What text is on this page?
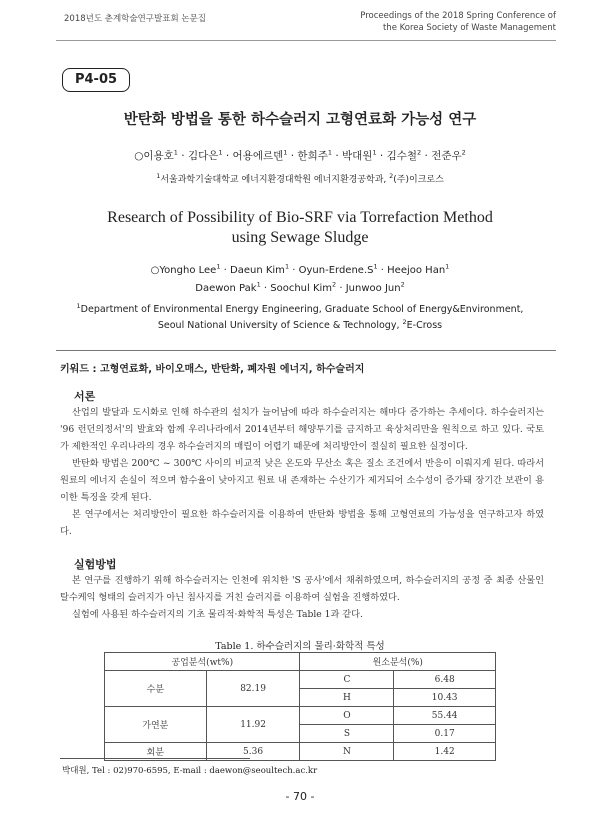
2018년도 춘계학술연구발표회 논문집	Proceedings of the 2018 Spring Conference of
the Korea Society of Waste Management
P4-05
반탄화 방법을 통한 하수슬러지 고형연료화 가능성 연구
○이용호$^1$ · 김다은$^1$ · 어용에르덴$^1$ · 한희주$^1$ · 박대원$^1$ · 김수철$^2$ · 전준우$^2$
$^1$서울과학기술대학교 에너지환경대학원 에너지환경공학과, $^2$(주)이크로스
Research of Possibility of Bio-SRF via Torrefaction Method
using Sewage Sludge
○Yongho Lee$^1$ · Daeun Kim$^1$ · Oyun-$Erdene.S^1$ · Heejoo Han$^1$
Daewon Pak$^1$ · Soochul Kim$^2$ · Junwoo Jun$^2$
$^1$Department of Environmental Energy Engineering, Graduate School of Energy&Environment,
Seoul National University of Science & Technology, $^2$E-Cross
키워드 : 고형연료화, 바이오매스, 반탄화, 폐자원 에너지, 하수슬러지
서론

산업의 발달과 도시화로 인해 하수관의 설치가 늘어남에 따라 하수슬러지는 해마다 증가하는 추세이다. 하수슬러지는 '96 런던의정서'의 발효와 함께 우리나라에서 2014년부터 해양투기를 금지하고 육상처리만을 원칙으로 하고 있다. 국토가 제한적인 우리나라의 경우 하수슬러지의 매립이 어렵기 때문에 처리방안이 절실히 필요한 실정이다.

반탄화 방법은 200℃ ~ 300℃ 사이의 비교적 낮은 온도와 무산소 혹은 질소 조건에서 반응이 이뤄지게 된다. 따라서 원료의 에너지 손실이 적으며 함수율이 낮아지고 원료 내 존재하는 수산기가 제거되어 소수성이 증가돼 장기간 보관이 용이한 특징을 갖게 된다.

본 연구에서는 처리방안이 필요한 하수슬러지를 이용하여 반탄화 방법을 통해 고형연료의 가능성을 연구하고자 하였다.

실험방법

본 연구를 진행하기 위해 하수슬러지는 인천에 위치한 'S 공사'에서 채취하였으며, 하수슬러지의 공정 중 최종 산물인 탈수케익 형태의 슬러지가 아닌 침사지를 거친 슬러지를 이용하여 실험을 진행하였다.

실험에 사용된 하수슬러지의 기초 물리적·화학적 특성은 Table 1과 같다.

Table 1. 하수슬러지의 물리·화학적 특성
공업분석(wt%)		원소분석(%)	
수분	82.19	C	6.48
		H	10.43
가연분	11.92	O	55.44
		S	0.17
회분	5.36	N	1.42
박대원, Tel : 02)970-6595, E-mail : daewon@seoultech.ac.kr
- 70 -
